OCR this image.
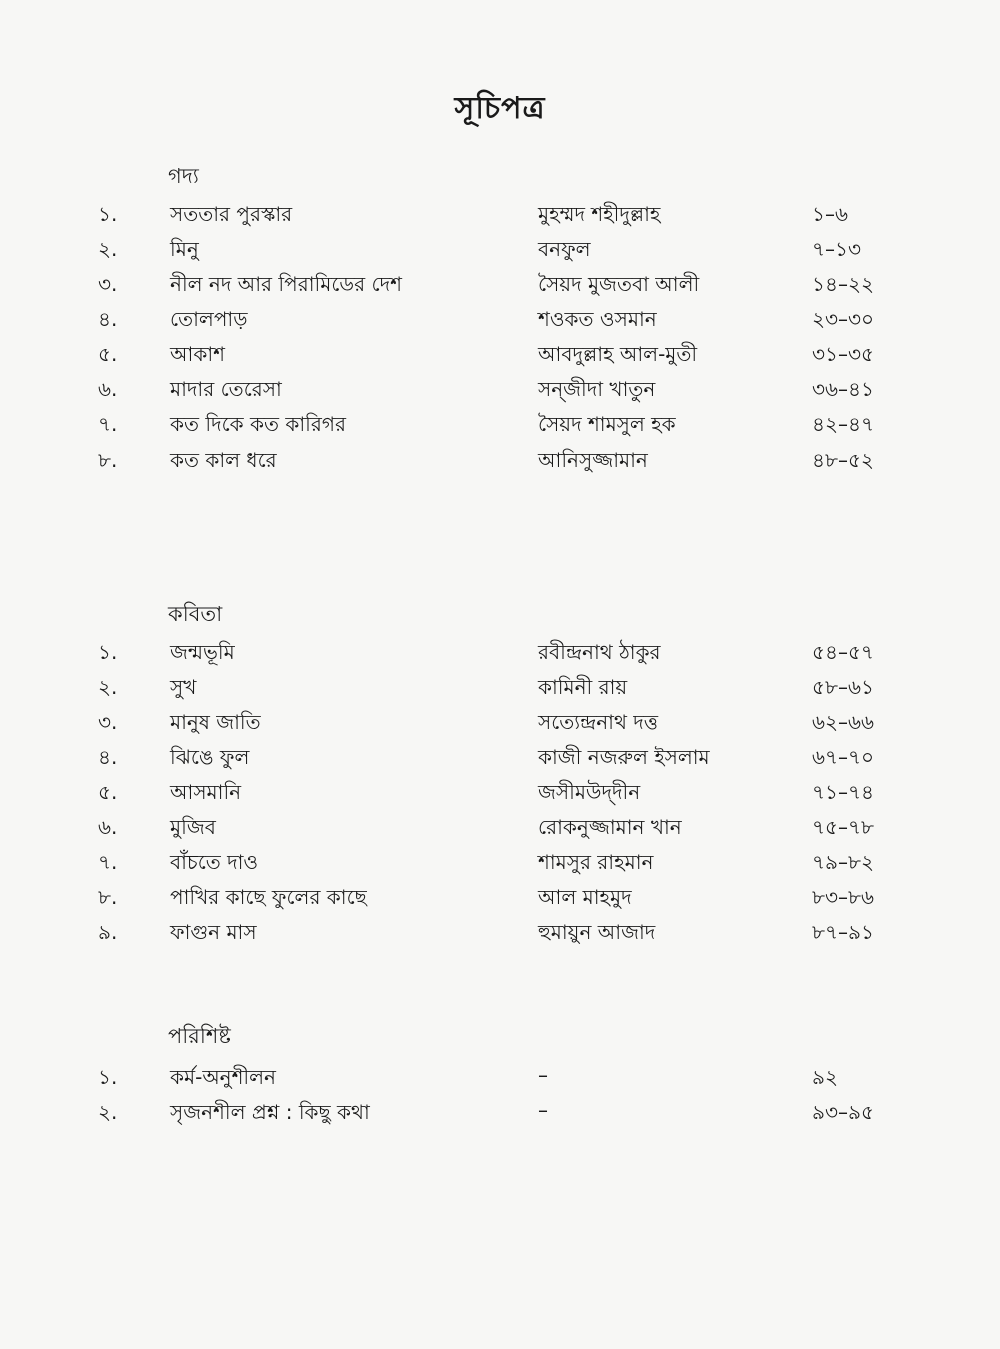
সূচিপত্র
গদ্য
১.	সততার পুরস্কার	মুহম্মদ শহীদুল্লাহ	১–৬
২.	মিনু	বনফুল	৭–১৩
৩.	নীল নদ আর পিরামিডের দেশ	সৈয়দ মুজতবা আলী	১৪–২২
৪.	তোলপাড়	শওকত ওসমান	২৩–৩০
৫.	আকাশ	আবদুল্লাহ আল-মুতী	৩১–৩৫
৬.	মাদার তেরেসা	সন্‌জীদা খাতুন	৩৬–৪১
৭.	কত দিকে কত কারিগর	সৈয়দ শামসুল হক	৪২–৪৭
৮.	কত কাল ধরে	আনিসুজ্জামান	৪৮–৫২
কবিতা
১.	জন্মভূমি	রবীন্দ্রনাথ ঠাকুর	৫৪–৫৭
২.	সুখ	কামিনী রায়	৫৮–৬১
৩.	মানুষ জাতি	সত্যেন্দ্রনাথ দত্ত	৬২–৬৬
৪.	ঝিঙে ফুল	কাজী নজরুল ইসলাম	৬৭–৭০
৫.	আসমানি	জসীমউদ্‌দীন	৭১–৭৪
৬.	মুজিব	রোকনুজ্জামান খান	৭৫–৭৮
৭.	বাঁচতে দাও	শামসুর রাহমান	৭৯–৮২
৮.	পাখির কাছে ফুলের কাছে	আল মাহমুদ	৮৩–৮৬
৯.	ফাগুন মাস	হুমায়ুন আজাদ	৮৭–৯১
পরিশিষ্ট
১.	কর্ম-অনুশীলন	–	৯২
২.	সৃজনশীল প্রশ্ন : কিছু কথা	–	৯৩–৯৫
